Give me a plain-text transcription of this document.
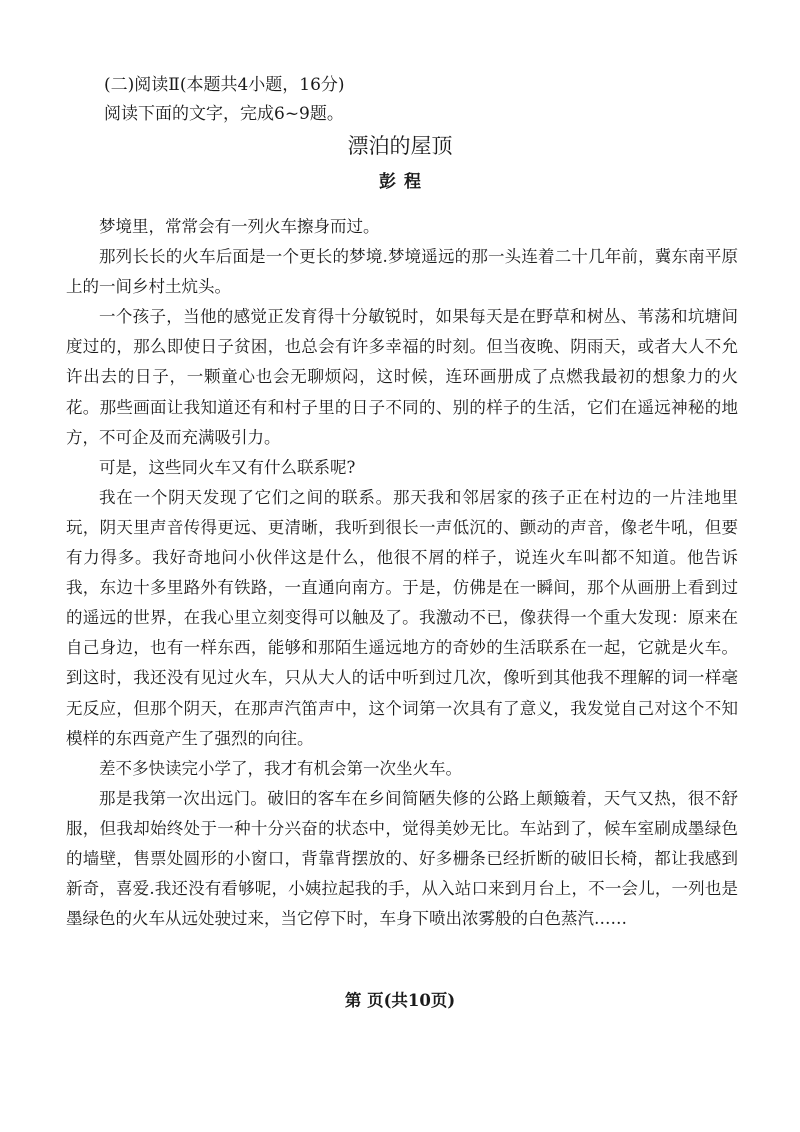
(二)阅读Ⅱ(本题共4小题，16分)
阅读下面的文字，完成6~9题。
漂泊的屋顶
彭程

梦境里，常常会有一列火车擦身而过。

那列长长的火车后面是一个更长的梦境.梦境遥远的那一头连着二十几年前，冀东南平原上的一间乡村土炕头。

一个孩子，当他的感觉正发育得十分敏锐时，如果每天是在野草和树丛、苇荡和坑塘间度过的，那么即使日子贫困，也总会有许多幸福的时刻。但当夜晚、阴雨天，或者大人不允许出去的日子，一颗童心也会无聊烦闷，这时候，连环画册成了点燃我最初的想象力的火花。那些画面让我知道还有和村子里的日子不同的、别的样子的生活，它们在遥远神秘的地方，不可企及而充满吸引力。

可是，这些同火车又有什么联系呢?

我在一个阴天发现了它们之间的联系。那天我和邻居家的孩子正在村边的一片洼地里玩，阴天里声音传得更远、更清晰，我听到很长一声低沉的、颤动的声音，像老牛吼，但要有力得多。我好奇地问小伙伴这是什么，他很不屑的样子，说连火车叫都不知道。他告诉我，东边十多里路外有铁路，一直通向南方。于是，仿佛是在一瞬间，那个从画册上看到过的遥远的世界，在我心里立刻变得可以触及了。我激动不已，像获得一个重大发现：原来在自己身边，也有一样东西，能够和那陌生遥远地方的奇妙的生活联系在一起，它就是火车。到这时，我还没有见过火车，只从大人的话中听到过几次，像听到其他我不理解的词一样毫无反应，但那个阴天，在那声汽笛声中，这个词第一次具有了意义，我发觉自己对这个不知模样的东西竟产生了强烈的向往。

差不多快读完小学了，我才有机会第一次坐火车。

那是我第一次出远门。破旧的客车在乡间简陋失修的公路上颠簸着，天气又热，很不舒服，但我却始终处于一种十分兴奋的状态中，觉得美妙无比。车站到了，候车室刷成墨绿色的墙壁，售票处圆形的小窗口，背靠背摆放的、好多栅条已经折断的破旧长椅，都让我感到新奇，喜爱.我还没有看够呢，小姨拉起我的手，从入站口来到月台上，不一会儿，一列也是墨绿色的火车从远处驶过来，当它停下时，车身下喷出浓雾般的白色蒸汽……

第 页(共10页)
